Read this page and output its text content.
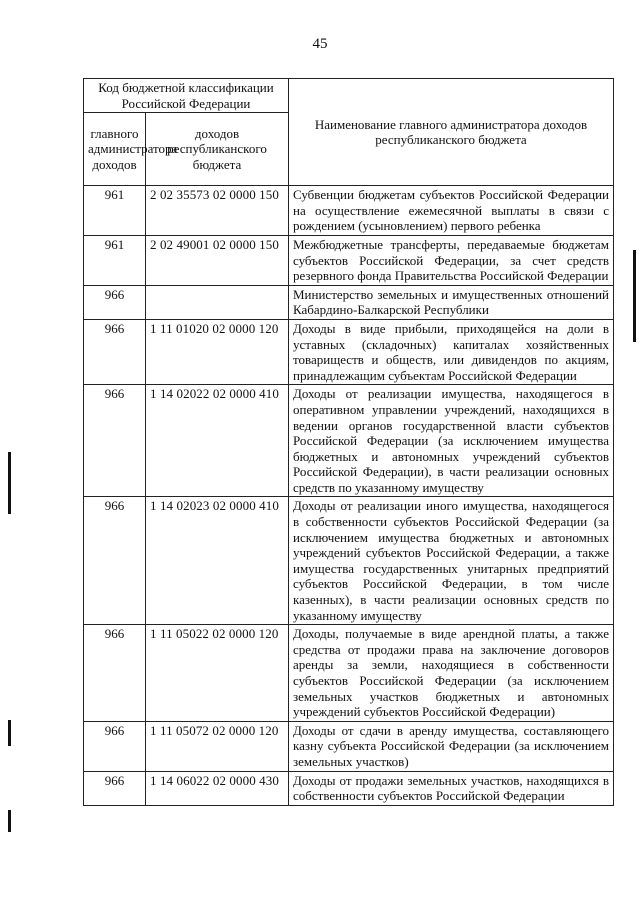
45
Код бюджетной классификации Российской Федерации		Наименование главного администратора доходов республиканского бюджета
главного администратора доходов	доходов республиканского бюджета	
961	2 02 35573 02 0000 150	Субвенции бюджетам субъектов Российской Федерации на осуществление ежемесячной выплаты в связи с рождением (усыновлением) первого ребенка
961	2 02 49001 02 0000 150	Межбюджетные трансферты, передаваемые бюджетам субъектов Российской Федерации, за счет средств резервного фонда Правительства Российской Федерации
966		Министерство земельных и имущественных отношений Кабардино-Балкарской Республики
966	1 11 01020 02 0000 120	Доходы в виде прибыли, приходящейся на доли в уставных (складочных) капиталах хозяйственных товариществ и обществ, или дивидендов по акциям, принадлежащим субъектам Российской Федерации
966	1 14 02022 02 0000 410	Доходы от реализации имущества, находящегося в оперативном управлении учреждений, находящихся в ведении органов государственной власти субъектов Российской Федерации (за исключением имущества бюджетных и автономных учреждений субъектов Российской Федерации), в части реализации основных средств по указанному имуществу
966	1 14 02023 02 0000 410	Доходы от реализации иного имущества, находящегося в собственности субъектов Российской Федерации (за исключением имущества бюджетных и автономных учреждений субъектов Российской Федерации, а также имущества государственных унитарных предприятий субъектов Российской Федерации, в том числе казенных), в части реализации основных средств по указанному имуществу
966	1 11 05022 02 0000 120	Доходы, получаемые в виде арендной платы, а также средства от продажи права на заключение договоров аренды за земли, находящиеся в собственности субъектов Российской Федерации (за исключением земельных участков бюджетных и автономных учреждений субъектов Российской Федерации)
966	1 11 05072 02 0000 120	Доходы от сдачи в аренду имущества, составляющего казну субъекта Российской Федерации (за исключением земельных участков)
966	1 14 06022 02 0000 430	Доходы от продажи земельных участков, находящихся в собственности субъектов Российской Федерации
